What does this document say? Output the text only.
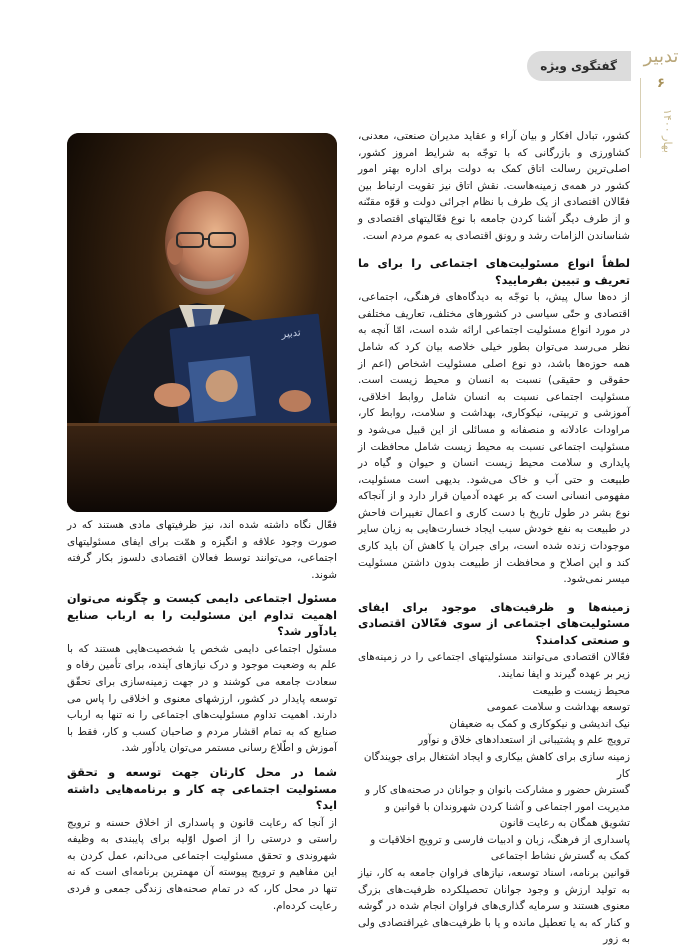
تدبیر
۶
بهار ۱۴۰۰
گفتگوی ویژه
تدبیر

کشور، تبادل افکار و بیان آراء و عقاید مدیران صنعتی، معدنی، کشاورزی و بازرگانی که با توجّه به شرایط امروز کشور، اصلی‌ترین رسالت اتاق کمک به دولت برای اداره بهتر امور کشور در همه‌ی زمینه‌هاست. نقش اتاق نیز تقویت ارتباط بین فعّالان اقتصادی از یک طرف با نظام اجرائی دولت و قوّه مقنّنه و از طرف دیگر آشنا کردن جامعه با نوع فعّالیتهای اقتصادی و شناساندن الزامات رشد و رونق اقتصادی به عموم مردم است.

لطفاً انواع مسئولیت‌های اجتماعی را برای ما تعریف و تبیین بفرمایید؟

از ده‌ها سال پیش، با توجّه به دیدگاه‌های فرهنگی، اجتماعی، اقتصادی و حتّی سیاسی در کشورهای مختلف، تعاریف مختلفی در مورد انواع مسئولیت اجتماعی ارائه شده است، امّا آنچه به نظر می‌رسد می‌توان بطور خیلی خلاصه بیان کرد که شامل همه حوزه‌ها باشد، دو نوع اصلی مسئولیت اشخاص (اعم از حقوقی و حقیقی) نسبت به انسان و محیط زیست است. مسئولیت اجتماعی نسبت به انسان شامل روابط اخلاقی، آموزشی و تربیتی، نیکوکاری، بهداشت و سلامت، روابط کار، مراودات عادلانه و منصفانه و مسائلی از این قبیل می‌شود و مسئولیت اجتماعی نسبت به محیط زیست شامل محافظت از پایداری و سلامت محیط زیست انسان و حیوان و گیاه در طبیعت و حتی آب و خاک می‌شود. بدیهی است مسئولیت، مفهومی انسانی است که بر عهده آدمیان قرار دارد و از آنجاکه نوع بشر در طول تاریخ با دست کاری و اعمال تغییرات فاحش در طبیعت به نفع خودش سبب ایجاد خسارت‌هایی به زیان سایر موجودات زنده شده است، برای جبران یا کاهش آن باید کاری کند و این اصلاح و محافظت از طبیعت بدون داشتن مسئولیت میسر نمی‌شود.

زمینه‌ها و ظرفیت‌های موجود برای ایفای مسئولیت‌های اجتماعی از سوی فعّالان اقتصادی و صنعتی کدامند؟

فعّالان اقتصادی می‌توانند مسئولیتهای اجتماعی را در زمینه‌های زیر بر عهده گیرند و ایفا نمایند.

محیط زیست و طبیعت
توسعه بهداشت و سلامت عمومی
نیک اندیشی و نیکوکاری و کمک به ضعیفان
ترویج علم و پشتیبانی از استعدادهای خلاق و نوآور
زمینه سازی برای کاهش بیکاری و ایجاد اشتغال برای جویندگان کار
گسترش حضور و مشارکت بانوان و جوانان در صحنه‌های کار و مدیریت امور اجتماعی و آشنا کردن شهروندان با قوانین و تشویق همگان به رعایت قانون
پاسداری از فرهنگ، زبان و ادبیات فارسی و ترویج اخلاقیات و کمک به گسترش نشاط اجتماعی

قوانین برنامه، اسناد توسعه، نیازهای فراوان جامعه به کار، نیاز به تولید ارزش و وجود جوانان تحصیلکرده ظرفیت‌های بزرگ معنوی هستند و سرمایه گذاری‌های فراوان انجام شده در گوشه و کنار که به یا تعطیل مانده و یا با ظرفیت‌های غیراقتصادی ولی به زور

فعّال نگاه داشته شده اند، نیز ظرفیتهای مادی هستند که در صورت وجود علاقه و انگیزه و همّت برای ایفای مسئولیتهای اجتماعی، می‌توانند توسط فعالان اقتصادی دلسوز بکار گرفته شوند.

مسئول اجتماعی دایمی کیست و چگونه می‌توان اهمیت تداوم این مسئولیت را به ارباب صنایع یادآور شد؟

مسئول اجتماعی دایمی شخص یا شخصیت‌هایی هستند که با علم به وضعیت موجود و درک نیازهای آینده، برای تأمین رفاه و سعادت جامعه می کوشند و در جهت زمینه‌سازی برای تحقّق توسعه پایدار در کشور، ارزشهای معنوی و اخلاقی را پاس می دارند. اهمیت تداوم مسئولیت‌های اجتماعی را نه تنها به ارباب صنایع که به تمام اقشار مردم و صاحبان کسب و کار، فقط با آموزش و اطّلاع رسانی مستمر می‌توان یادآور شد.

شما در محل کارتان جهت توسعه و تحقق مسئولیت اجتماعی چه کار و برنامه‌هایی داشته اید؟

از آنجا که رعایت قانون و پاسداری از اخلاق حسنه و ترویج راستی و درستی را از اصول اوّلیه برای پایبندی به وظیفه شهروندی و تحقق مسئولیت اجتماعی می‌دانم، عمل کردن به این مفاهیم و ترویج پیوسته آن مهمترین برنامه‌ای است که نه تنها در محل کار، که در تمام صحنه‌های زندگی جمعی و فردی رعایت کرده‌ام.
